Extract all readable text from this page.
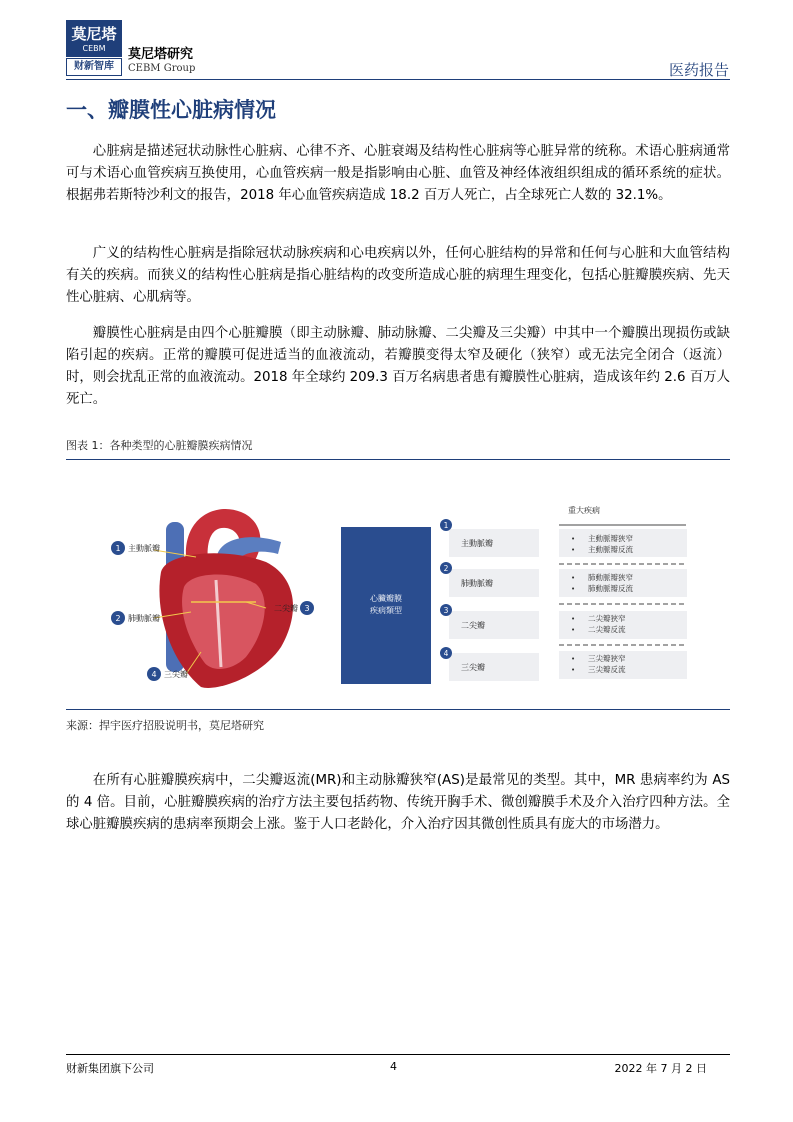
莫尼塔
CEBM
财新智库
莫尼塔研究
CEBM Group	医药报告
一、瓣膜性心脏病情况
心脏病是描述冠状动脉性心脏病、心律不齐、心脏衰竭及结构性心脏病等心脏异常的统称。术语心脏病通常可与术语心血管疾病互换使用，心血管疾病一般是指影响由心脏、血管及神经体液组织组成的循环系统的症状。根据弗若斯特沙利文的报告，2018 年心血管疾病造成 18.2 百万人死亡，占全球死亡人数的 32.1%。
广义的结构性心脏病是指除冠状动脉疾病和心电疾病以外，任何心脏结构的异常和任何与心脏和大血管结构有关的疾病。而狭义的结构性心脏病是指心脏结构的改变所造成心脏的病理生理变化，包括心脏瓣膜疾病、先天性心脏病、心肌病等。
瓣膜性心脏病是由四个心脏瓣膜（即主动脉瓣、肺动脉瓣、二尖瓣及三尖瓣）中其中一个瓣膜出现损伤或缺陷引起的疾病。正常的瓣膜可促进适当的血液流动，若瓣膜变得太窄及硬化（狭窄）或无法完全闭合（返流）时，则会扰乱正常的血液流动。2018 年全球约 209.3 百万名病患者患有瓣膜性心脏病，造成该年约 2.6 百万人死亡。
图表 1：各种类型的心脏瓣膜疾病情况
1 主動脈瓣
2 肺動脈瓣
二尖瓣 3
4 三尖瓣
心臟瓣膜
疾病類型
1
主動脈瓣
2
肺動脈瓣
3
二尖瓣
4
三尖瓣
重大疾病
• 主動脈瓣狹窄
• 主動脈瓣反流
• 肺動脈瓣狹窄
• 肺動脈瓣反流
• 二尖瓣狹窄
• 二尖瓣反流
• 三尖瓣狹窄
• 三尖瓣反流
来源：捍宇医疗招股说明书，莫尼塔研究
在所有心脏瓣膜疾病中，二尖瓣返流(MR)和主动脉瓣狭窄(AS)是最常见的类型。其中，MR 患病率约为 AS 的 4 倍。目前，心脏瓣膜疾病的治疗方法主要包括药物、传统开胸手术、微创瓣膜手术及介入治疗四种方法。全球心脏瓣膜疾病的患病率预期会上涨。鉴于人口老龄化，介入治疗因其微创性质具有庞大的市场潜力。
财新集团旗下公司	4	2022 年 7 月 2 日
